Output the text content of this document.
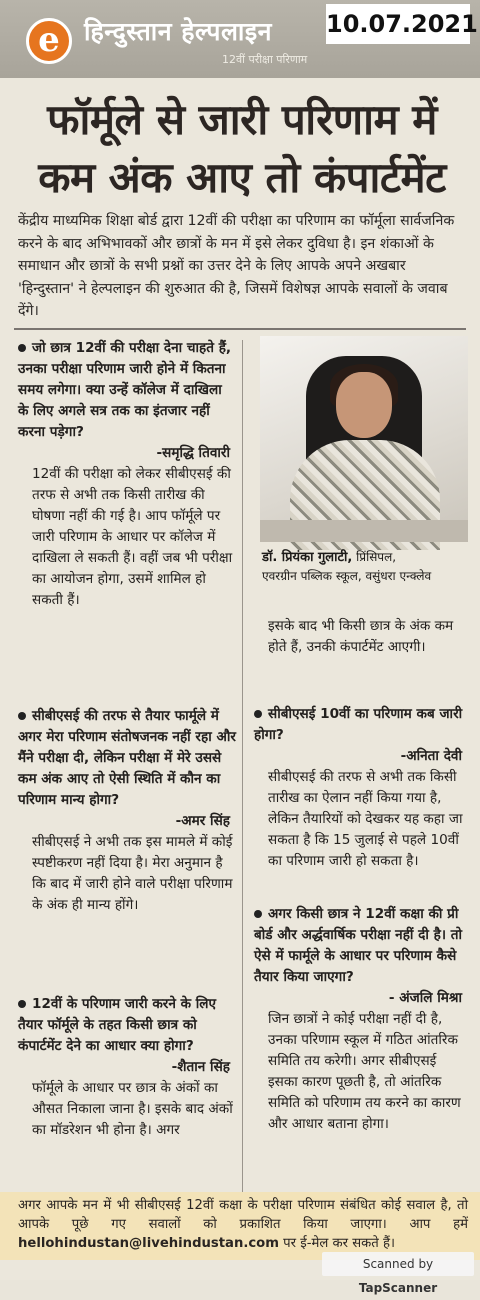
e हिन्दुस्तान हेल्पलाइन
12वीं परीक्षा परिणाम
10.07.2021
फॉर्मूले से जारी परिणाम में
कम अंक आए तो कंपार्टमेंट
केंद्रीय माध्यमिक शिक्षा बोर्ड द्वारा 12वीं की परीक्षा का परिणाम का फॉर्मूला सार्वजनिक करने के बाद अभिभावकों और छात्रों के मन में इसे लेकर दुविधा है। इन शंकाओं के समाधान और छात्रों के सभी प्रश्नों का उत्तर देने के लिए आपके अपने अखबार 'हिन्दुस्तान' ने हेल्पलाइन की शुरुआत की है, जिसमें विशेषज्ञ आपके सवालों के जवाब देंगे।
जो छात्र 12वीं की परीक्षा देना चाहते हैं, उनका परीक्षा परिणाम जारी होने में कितना समय लगेगा। क्या उन्हें कॉलेज में दाखिला के लिए अगले सत्र तक का इंतजार नहीं करना पड़ेगा?
-समृद्धि तिवारी
12वीं की परीक्षा को लेकर सीबीएसई की तरफ से अभी तक किसी तारीख की घोषणा नहीं की गई है। आप फॉर्मूले पर जारी परिणाम के आधार पर कॉलेज में दाखिला ले सकती हैं। वहीं जब भी परीक्षा का आयोजन होगा, उसमें शामिल हो सकती हैं।
सीबीएसई की तरफ से तैयार फार्मूले में अगर मेरा परिणाम संतोषजनक नहीं रहा और मैंने परीक्षा दी, लेकिन परीक्षा में मेरे उससे कम अंक आए तो ऐसी स्थिति में कौन का परिणाम मान्य होगा?
-अमर सिंह
सीबीएसई ने अभी तक इस मामले में कोई स्पष्टीकरण नहीं दिया है। मेरा अनुमान है कि बाद में जारी होने वाले परीक्षा परिणाम के अंक ही मान्य होंगे।
12वीं के परिणाम जारी करने के लिए तैयार फॉर्मूले के तहत किसी छात्र को कंपार्टमेंट देने का आधार क्या होगा?
-शैतान सिंह
फॉर्मूले के आधार पर छात्र के अंकों का औसत निकाला जाना है। इसके बाद अंकों का मॉडरेशन भी होना है। अगर
डॉ. प्रियंका गुलाटी, प्रिंसिपल,
एवरग्रीन पब्लिक स्कूल, वसुंधरा एन्क्लेव
इसके बाद भी किसी छात्र के अंक कम होते हैं, उनकी कंपार्टमेंट आएगी।
सीबीएसई 10वीं का परिणाम कब जारी होगा?
-अनिता देवी
सीबीएसई की तरफ से अभी तक किसी तारीख का ऐलान नहीं किया गया है, लेकिन तैयारियों को देखकर यह कहा जा सकता है कि 15 जुलाई से पहले 10वीं का परिणाम जारी हो सकता है।
अगर किसी छात्र ने 12वीं कक्षा की प्री बोर्ड और अर्द्धवार्षिक परीक्षा नहीं दी है। तो ऐसे में फार्मूले के आधार पर परिणाम कैसे तैयार किया जाएगा?
- अंजलि मिश्रा
जिन छात्रों ने कोई परीक्षा नहीं दी है, उनका परिणाम स्कूल में गठित आंतरिक समिति तय करेगी। अगर सीबीएसई इसका कारण पूछती है, तो आंतरिक समिति को परिणाम तय करने का कारण और आधार बताना होगा।
अगर आपके मन में भी सीबीएसई 12वीं कक्षा के परीक्षा परिणाम संबंधित कोई सवाल है, तो आपके पूछे गए सवालों को प्रकाशित किया जाएगा। आप हमें hellohindustan@livehindustan.com पर ई-मेल कर सकते हैं।
Scanned by TapScanner
